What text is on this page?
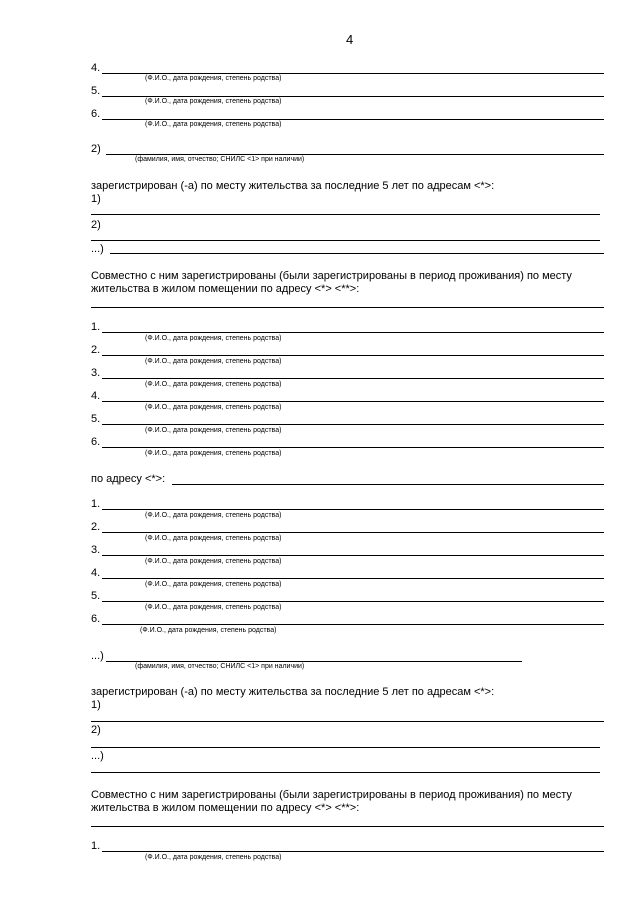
4
4.
(Ф.И.О., дата рождения, степень родства)
5.
(Ф.И.О., дата рождения, степень родства)
6.
(Ф.И.О., дата рождения, степень родства)
2)
(фамилия, имя, отчество; СНИЛС <1> при наличии)
зарегистрирован (-а) по месту жительства за последние 5 лет по адресам <*>:
1)
2)
...)
Совместно с ним зарегистрированы (были зарегистрированы в период проживания) по месту
жительства в жилом помещении по адресу <*> <**>:
1.
(Ф.И.О., дата рождения, степень родства)
2.
(Ф.И.О., дата рождения, степень родства)
3.
(Ф.И.О., дата рождения, степень родства)
4.
(Ф.И.О., дата рождения, степень родства)
5.
(Ф.И.О., дата рождения, степень родства)
6.
(Ф.И.О., дата рождения, степень родства)
по адресу <*>:
1.
(Ф.И.О., дата рождения, степень родства)
2.
(Ф.И.О., дата рождения, степень родства)
3.
(Ф.И.О., дата рождения, степень родства)
4.
(Ф.И.О., дата рождения, степень родства)
5.
(Ф.И.О., дата рождения, степень родства)
6.
(Ф.И.О., дата рождения, степень родства)
...)
(фамилия, имя, отчество; СНИЛС <1> при наличии)
зарегистрирован (-а) по месту жительства за последние 5 лет по адресам <*>:
1)
2)
...)
Совместно с ним зарегистрированы (были зарегистрированы в период проживания) по месту
жительства в жилом помещении по адресу <*> <**>:
1.
(Ф.И.О., дата рождения, степень родства)
